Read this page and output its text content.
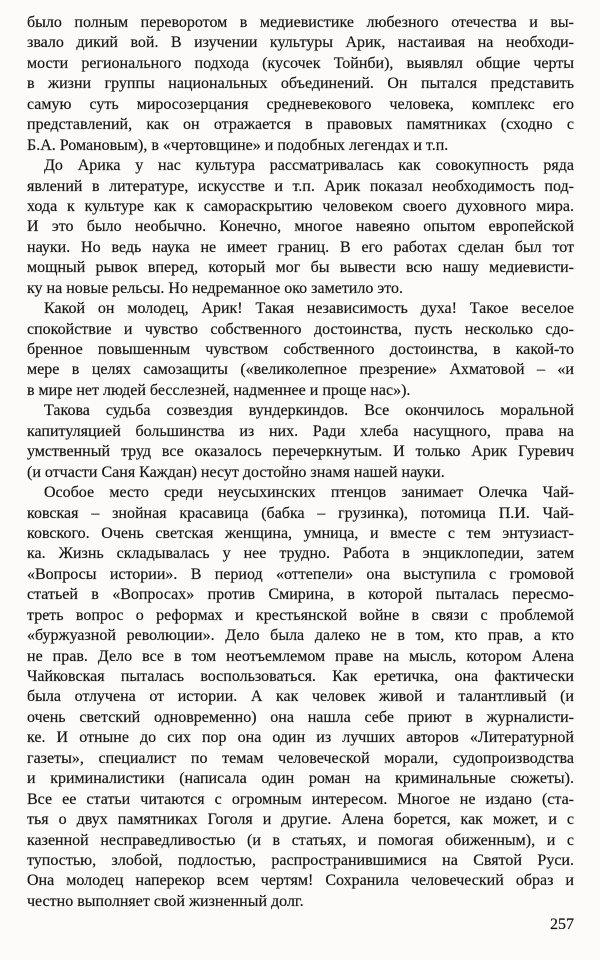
было полным переворотом в медиевистике любезного отечества и вы-
звало дикий вой. В изучении культуры Арик, настаивая на необходи-
мости регионального подхода (кусочек Тойнби), выявлял общие черты
в жизни группы национальных объединений. Он пытался представить
самую суть миросозерцания средневекового человека, комплекс его
представлений, как он отражается в правовых памятниках (сходно с
Б.А. Романовым), в «чертовщине» и подобных легендах и т.п.
До Арика у нас культура рассматривалась как совокупность ряда
явлений в литературе, искусстве и т.п. Арик показал необходимость под-
хода к культуре как к самораскрытию человеком своего духовного мира.
И это было необычно. Конечно, многое навеяно опытом европейской
науки. Но ведь наука не имеет границ. В его работах сделан был тот
мощный рывок вперед, который мог бы вывести всю нашу медиевисти-
ку на новые рельсы. Но недреманное око заметило это.
Какой он молодец, Арик! Такая независимость духа! Такое веселое
спокойствие и чувство собственного достоинства, пусть несколько сдо-
бренное повышенным чувством собственного достоинства, в какой-то
мере в целях самозащиты («великолепное презрение» Ахматовой – «и
в мире нет людей бесслезней, надменнее и проще нас»).
Такова судьба созвездия вундеркиндов. Все окончилось моральной
капитуляцией большинства из них. Ради хлеба насущного, права на
умственный труд все оказалось перечеркнутым. И только Арик Гуревич
(и отчасти Саня Каждан) несут достойно знамя нашей науки.
Особое место среди неусыхинских птенцов занимает Олечка Чай-
ковская – знойная красавица (бабка – грузинка), потомица П.И. Чай-
ковского. Очень светская женщина, умница, и вместе с тем энтузиаст-
ка. Жизнь складывалась у нее трудно. Работа в энциклопедии, затем
«Вопросы истории». В период «оттепели» она выступила с громовой
статьей в «Вопросах» против Смирина, в которой пыталась пересмо-
треть вопрос о реформах и крестьянской войне в связи с проблемой
«буржуазной революции». Дело была далеко не в том, кто прав, а кто
не прав. Дело все в том неотъемлемом праве на мысль, котором Алена
Чайковская пыталась воспользоваться. Как еретичка, она фактически
была отлучена от истории. А как человек живой и талантливый (и
очень светский одновременно) она нашла себе приют в журналисти-
ке. И отныне до сих пор она один из лучших авторов «Литературной
газеты», специалист по темам человеческой морали, судопроизводства
и криминалистики (написала один роман на криминальные сюжеты).
Все ее статьи читаются с огромным интересом. Многое не издано (ста-
тья о двух памятниках Гоголя и другие. Алена борется, как может, и с
казенной несправедливостью (и в статьях, и помогая обиженным), и с
тупостью, злобой, подлостью, распространившимися на Святой Руси.
Она молодец наперекор всем чертям! Сохранила человеческий образ и
честно выполняет свой жизненный долг.
257
